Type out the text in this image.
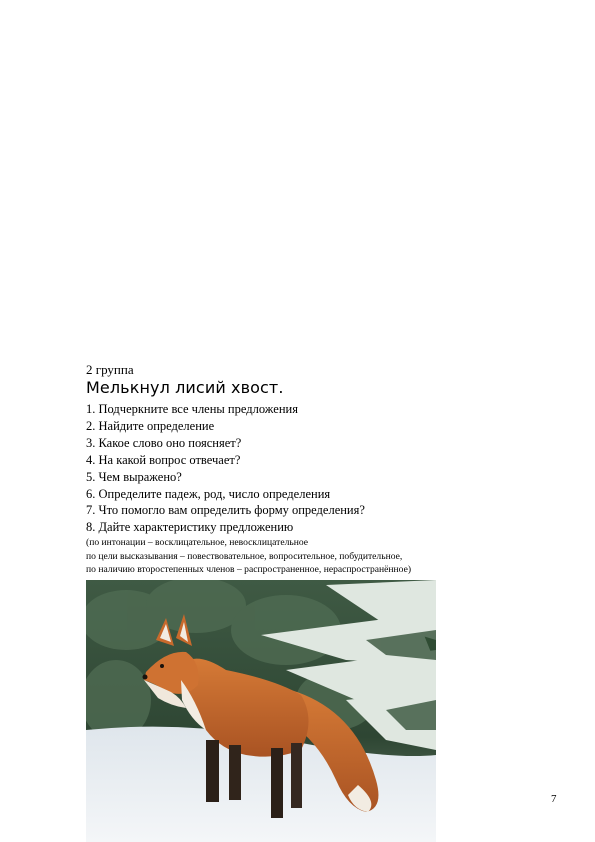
2 группа
Мелькнул лисий хвост.
1. Подчеркните все члены предложения
2. Найдите определение
3. Какое слово оно поясняет?
4. На какой вопрос отвечает?
5. Чем выражено?
6. Определите падеж, род, число определения
7. Что помогло вам определить форму определения?
8. Дайте характеристику предложению
(по интонации – восклицательное, невосклицательное
по цели высказывания – повествовательное, вопросительное, побудительное,
по наличию второстепенных членов – распространенное, нераспространённое)
7
